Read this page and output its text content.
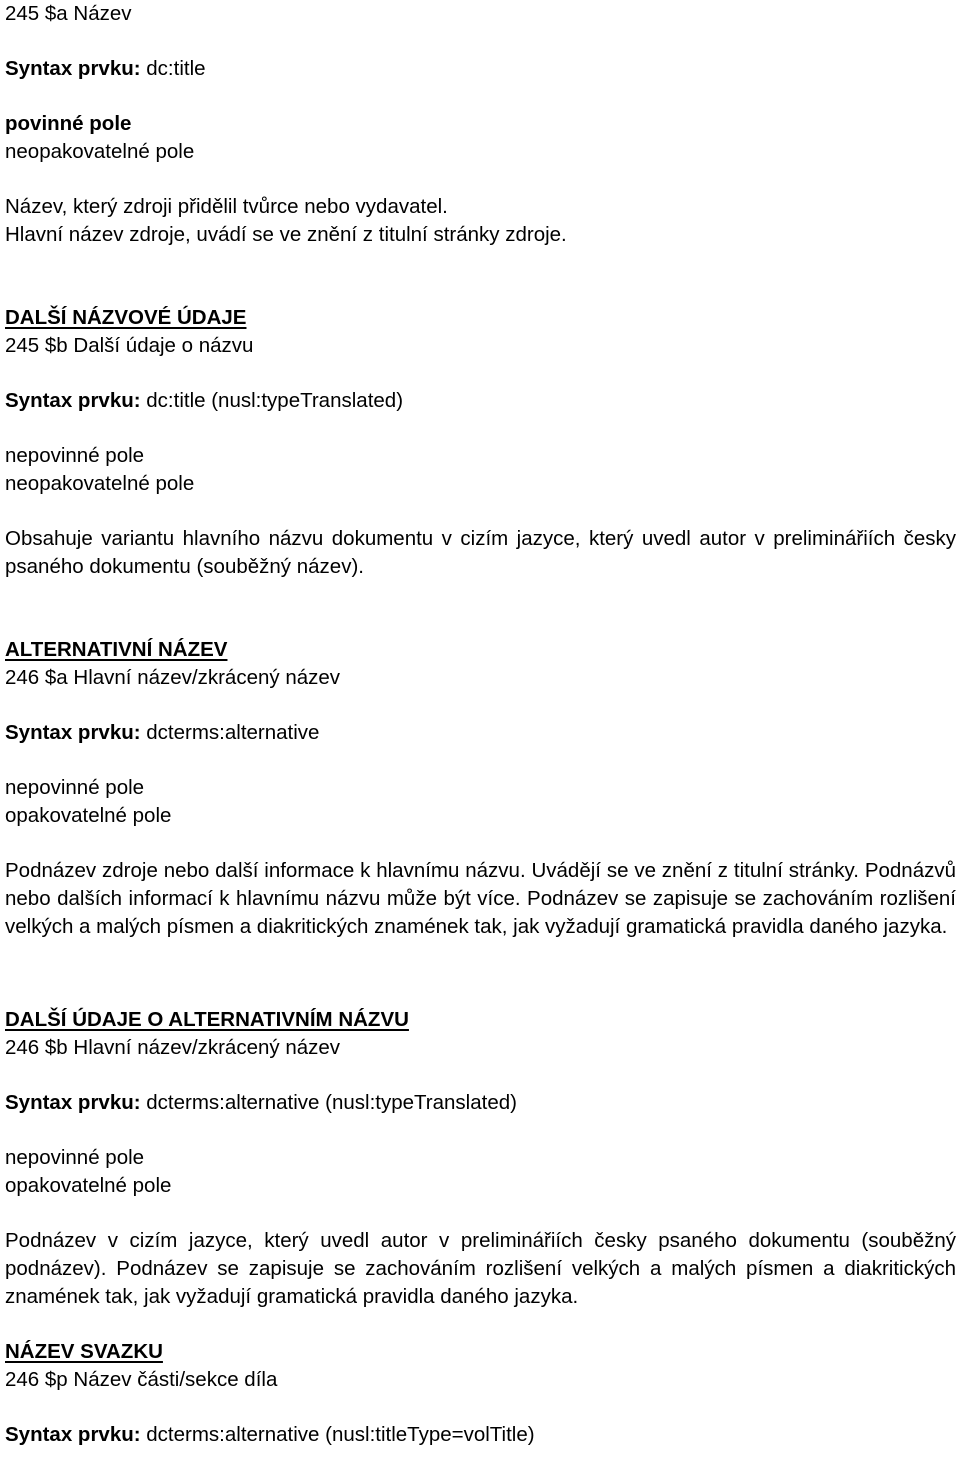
245 $a Název
Syntax prvku: dc:title
povinné pole
neopakovatelné pole
Název, který zdroji přidělil tvůrce nebo vydavatel.
Hlavní název zdroje, uvádí se ve znění z titulní stránky zdroje.
DALŠÍ NÁZVOVÉ ÚDAJE
245 $b Další údaje o názvu
Syntax prvku: dc:title (nusl:typeTranslated)
nepovinné pole
neopakovatelné pole
Obsahuje variantu hlavního názvu dokumentu v cizím jazyce, který uvedl autor v preliminářiích česky psaného dokumentu (souběžný název).
ALTERNATIVNÍ NÁZEV
246 $a Hlavní název/zkrácený název
Syntax prvku: dcterms:alternative
nepovinné pole
opakovatelné pole
Podnázev zdroje nebo další informace k hlavnímu názvu. Uvádějí se ve znění z titulní stránky. Podnázvů nebo dalších informací k hlavnímu názvu může být více. Podnázev se zapisuje se zachováním rozlišení velkých a malých písmen a diakritických znamének tak, jak vyžadují gramatická pravidla daného jazyka.
DALŠÍ ÚDAJE O ALTERNATIVNÍM NÁZVU
246 $b Hlavní název/zkrácený název
Syntax prvku: dcterms:alternative (nusl:typeTranslated)
nepovinné pole
opakovatelné pole
Podnázev v cizím jazyce, který uvedl autor v preliminářiích česky psaného dokumentu (souběžný podnázev). Podnázev se zapisuje se zachováním rozlišení velkých a malých písmen a diakritických znamének tak, jak vyžadují gramatická pravidla daného jazyka.
NÁZEV SVAZKU
246 $p Název části/sekce díla
Syntax prvku: dcterms:alternative (nusl:titleType=volTitle)
